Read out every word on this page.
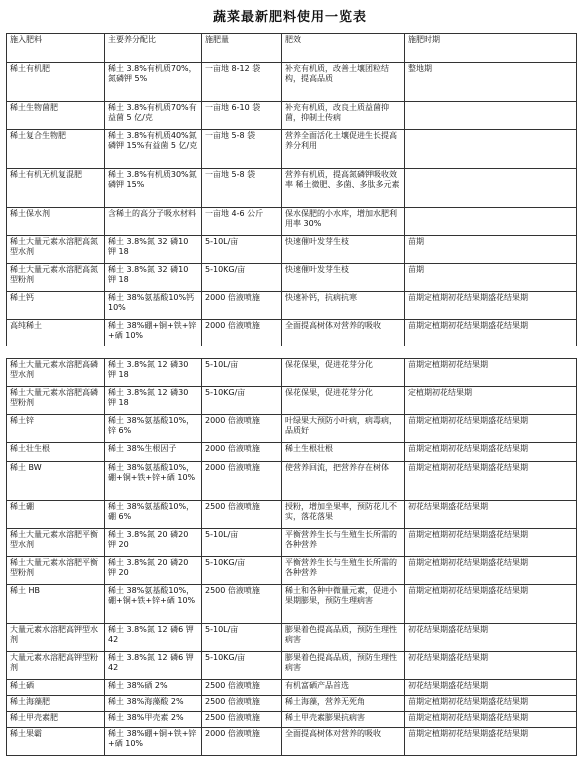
蔬菜最新肥料使用一览表
施入肥料	主要养分配比	施肥量	肥效	施肥时期
稀土有机肥	稀土 3.8%有机质70%，氮磷钾 5%	一亩地 8-12 袋	补充有机质，改善土壤团粒结构，提高品质	整地期
稀土生物菌肥	稀土 3.8%有机质70%有益菌 5 亿/克	一亩地 6-10 袋	补充有机质，改良土质益菌抑菌，抑制土传病	
稀土复合生物肥	稀土 3.8%有机质40%氮磷钾 15%有益菌 5 亿/克	一亩地 5-8 袋	营养全面活化土壤促进生长提高养分利用	
稀土有机无机复混肥	稀土 3.8%有机质30%氮磷钾 15%	一亩地 5-8 袋	营养有机质，提高氮磷钾吸收效率 稀土微肥、多菌、多肽多元素	
稀土保水剂	含稀土的高分子吸水材料	一亩地 4-6 公斤	保水保肥的小水库，增加水肥利用率 30%	
稀土大量元素水溶肥高氮型水剂	稀土 3.8%氮 32 磷10 钾 18	5-10L/亩	快速催叶发芽生枝	苗期
稀土大量元素水溶肥高氮型粉剂	稀土 3.8%氮 32 磷10 钾 18	5-10KG/亩	快速催叶发芽生枝	苗期
稀土钙	稀土 38%氨基酸10%钙 10%	2000 倍液喷施	快速补钙，抗病抗寒	苗期定植期初花结果期盛花结果期
高纯稀土	稀土 38%硼+铜+铁+锌+硒 10%	2000 倍液喷施	全面提高树体对营养的吸收	苗期定植期初花结果期盛花结果期
稀土大量元素水溶肥高磷型水剂	稀土 3.8%氮 12 磷30 钾 18	5-10L/亩	保花保果，促进花芽分化	苗期定植期初花结果期
稀土大量元素水溶肥高磷型粉剂	稀土 3.8%氮 12 磷30 钾 18	5-10KG/亩	保花保果，促进花芽分化	定植期初花结果期
稀土锌	稀土 38%氨基酸10%，锌 6%	2000 倍液喷施	叶绿果大预防小叶病，病毒病，品质好	苗期定植期初花结果期盛花结果期
稀土壮生根	稀土 38%生根因子	2000 倍液喷施	稀土生根壮根	苗期定植期初花结果期盛花结果期
稀土 BW	稀土 38%氨基酸10%，硼+铜+铁+锌+硒 10%	2000 倍液喷施	使营养回流，把营养存在树体	苗期定植期初花结果期盛花结果期
稀土硼	稀土 38%氨基酸10%，硼 6%	2500 倍液喷施	授粉，增加坐果率，预防花儿不实，落花落果	初花结果期盛花结果期
稀土大量元素水溶肥平衡型水剂	稀土 3.8%氮 20 磷20 钾 20	5-10L/亩	平衡营养生长与生殖生长所需的各种营养	苗期定植期初花结果期盛花结果期
稀土大量元素水溶肥平衡型粉剂	稀土 3.8%氮 20 磷20 钾 20	5-10KG/亩	平衡营养生长与生殖生长所需的各种营养	苗期定植期初花结果期盛花结果期
稀土 HB	稀土 38%氨基酸10%，硼+铜+铁+锌+硒 10%	2500 倍液喷施	稀土和各种中微量元素，促进小果期膨果，预防生理病害	苗期定植期初花结果期盛花结果期
大量元素水溶肥高钾型水剂	稀土 3.8%氮 12 磷6 钾 42	5-10L/亩	膨果着色提高品质，预防生理性病害	初花结果期盛花结果期
大量元素水溶肥高钾型粉剂	稀土 3.8%氮 12 磷6 钾 42	5-10KG/亩	膨果着色提高品质，预防生理性病害	初花结果期盛花结果期
稀土硒	稀土 38%硒 2%	2500 倍液喷施	有机富硒产品首选	初花结果期盛花结果期
稀土海藻肥	稀土 38%海藻酸 2%	2500 倍液喷施	稀土海藻，营养无死角	苗期定植期初花结果期盛花结果期
稀土甲壳素肥	稀土 38%甲壳素 2%	2500 倍液喷施	稀土甲壳素膨果抗病害	苗期定植期初花结果期盛花结果期
稀土果霸	稀土 38%硼+铜+铁+锌+硒 10%	2000 倍液喷施	全面提高树体对营养的吸收	苗期定植期初花结果期盛花结果期
